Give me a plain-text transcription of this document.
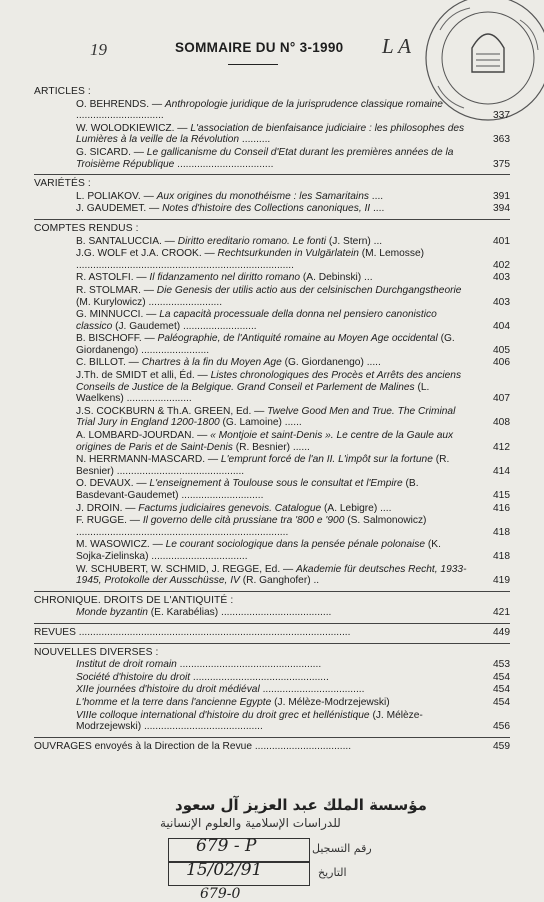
19	SOMMAIRE DU N° 3-1990 L A
ARTICLES :
O. BEHRENDS. — Anthropologie juridique de la jurisprudence classique romaine ...............................	337
W. WOLODKIEWICZ. — L'association de bienfaisance judiciaire : les philosophes des Lumières à la veille de la Révolution ..........	363
G. SICARD. — Le gallicanisme du Conseil d'Etat durant les premières années de la Troisième République ..................................	375
VARIÉTÉS :
L. POLIAKOV. — Aux origines du monothéisme : les Samaritains ....	391
J. GAUDEMET. — Notes d'histoire des Collections canoniques, II ....	394
COMPTES RENDUS :
B. SANTALUCCIA. — Diritto ereditario romano. Le fonti (J. Stern) ...	401
J.G. WOLF et J.A. CROOK. — Rechtsurkunden in Vulgärlatein (M. Lemosse) .............................................................................	402
R. ASTOLFI. — Il fidanzamento nel diritto romano (A. Debinski) ...	403
R. STOLMAR. — Die Genesis der utilis actio aus der celsinischen Durchgangstheorie (M. Kurylowicz) ..........................	403
G. MINNUCCI. — La capacità processuale della donna nel pensiero canonistico classico (J. Gaudemet) ..........................	404
B. BISCHOFF. — Paléographie, de l'Antiquité romaine au Moyen Age occidental (G. Giordanengo) ........................	405
C. BILLOT. — Chartres à la fin du Moyen Age (G. Giordanengo) .....	406
J.Th. de SMIDT et alli, Éd. — Listes chronologiques des Procès et Arrêts des anciens Conseils de Justice de la Belgique. Grand Conseil et Parlement de Malines (L. Waelkens) .......................	407
J.S. COCKBURN & Th.A. GREEN, Ed. — Twelve Good Men and True. The Criminal Trial Jury in England 1200-1800 (G. Lamoine) ......	408
A. LOMBARD-JOURDAN. — « Montjoie et saint-Denis ». Le centre de la Gaule aux origines de Paris et de Saint-Denis (R. Besnier) ......	412
N. HERRMANN-MASCARD. — L'emprunt forcé de l'an II. L'impôt sur la fortune (R. Besnier) .............................................	414
O. DEVAUX. — L'enseignement à Toulouse sous le consultat et l'Empire (B. Basdevant-Gaudemet) .............................	415
J. DROIN. — Factums judiciaires genevois. Catalogue (A. Lebigre) ....	416
F. RUGGE. — Il governo delle cità prussiane tra '800 e '900 (S. Salmonowicz) ...........................................................................	418
M. WASOWICZ. — Le courant sociologique dans la pensée pénale polonaise (K. Sojka-Zielinska) ..................................	418
W. SCHUBERT, W. SCHMID, J. REGGE, Ed. — Akademie für deutsches Recht, 1933-1945, Protokolle der Ausschüsse, IV (R. Ganghofer) ..	419
CHRONIQUE. DROITS DE L'ANTIQUITÉ :
Monde byzantin (E. Karabélias) .......................................	421
REVUES ................................................................................................	449
NOUVELLES DIVERSES :
Institut de droit romain ..................................................	453
Société d'histoire du droit ................................................	454
XIIe journées d'histoire du droit médiéval ....................................	454
L'homme et la terre dans l'ancienne Egypte (J. Mélèze-Modrzejewski)	454
VIIIe colloque international d'histoire du droit grec et hellénistique (J. Mélèze-Modrzejewski) ..........................................	456
OUVRAGES envoyés à la Direction de la Revue ..................................	459
مؤسسة الملك عبد العزيز آل سعود
للدراسات الإسلامية والعلوم الإنسانية
679 - P	رقم التسجيل
15/02/91	التاريخ
679-0
